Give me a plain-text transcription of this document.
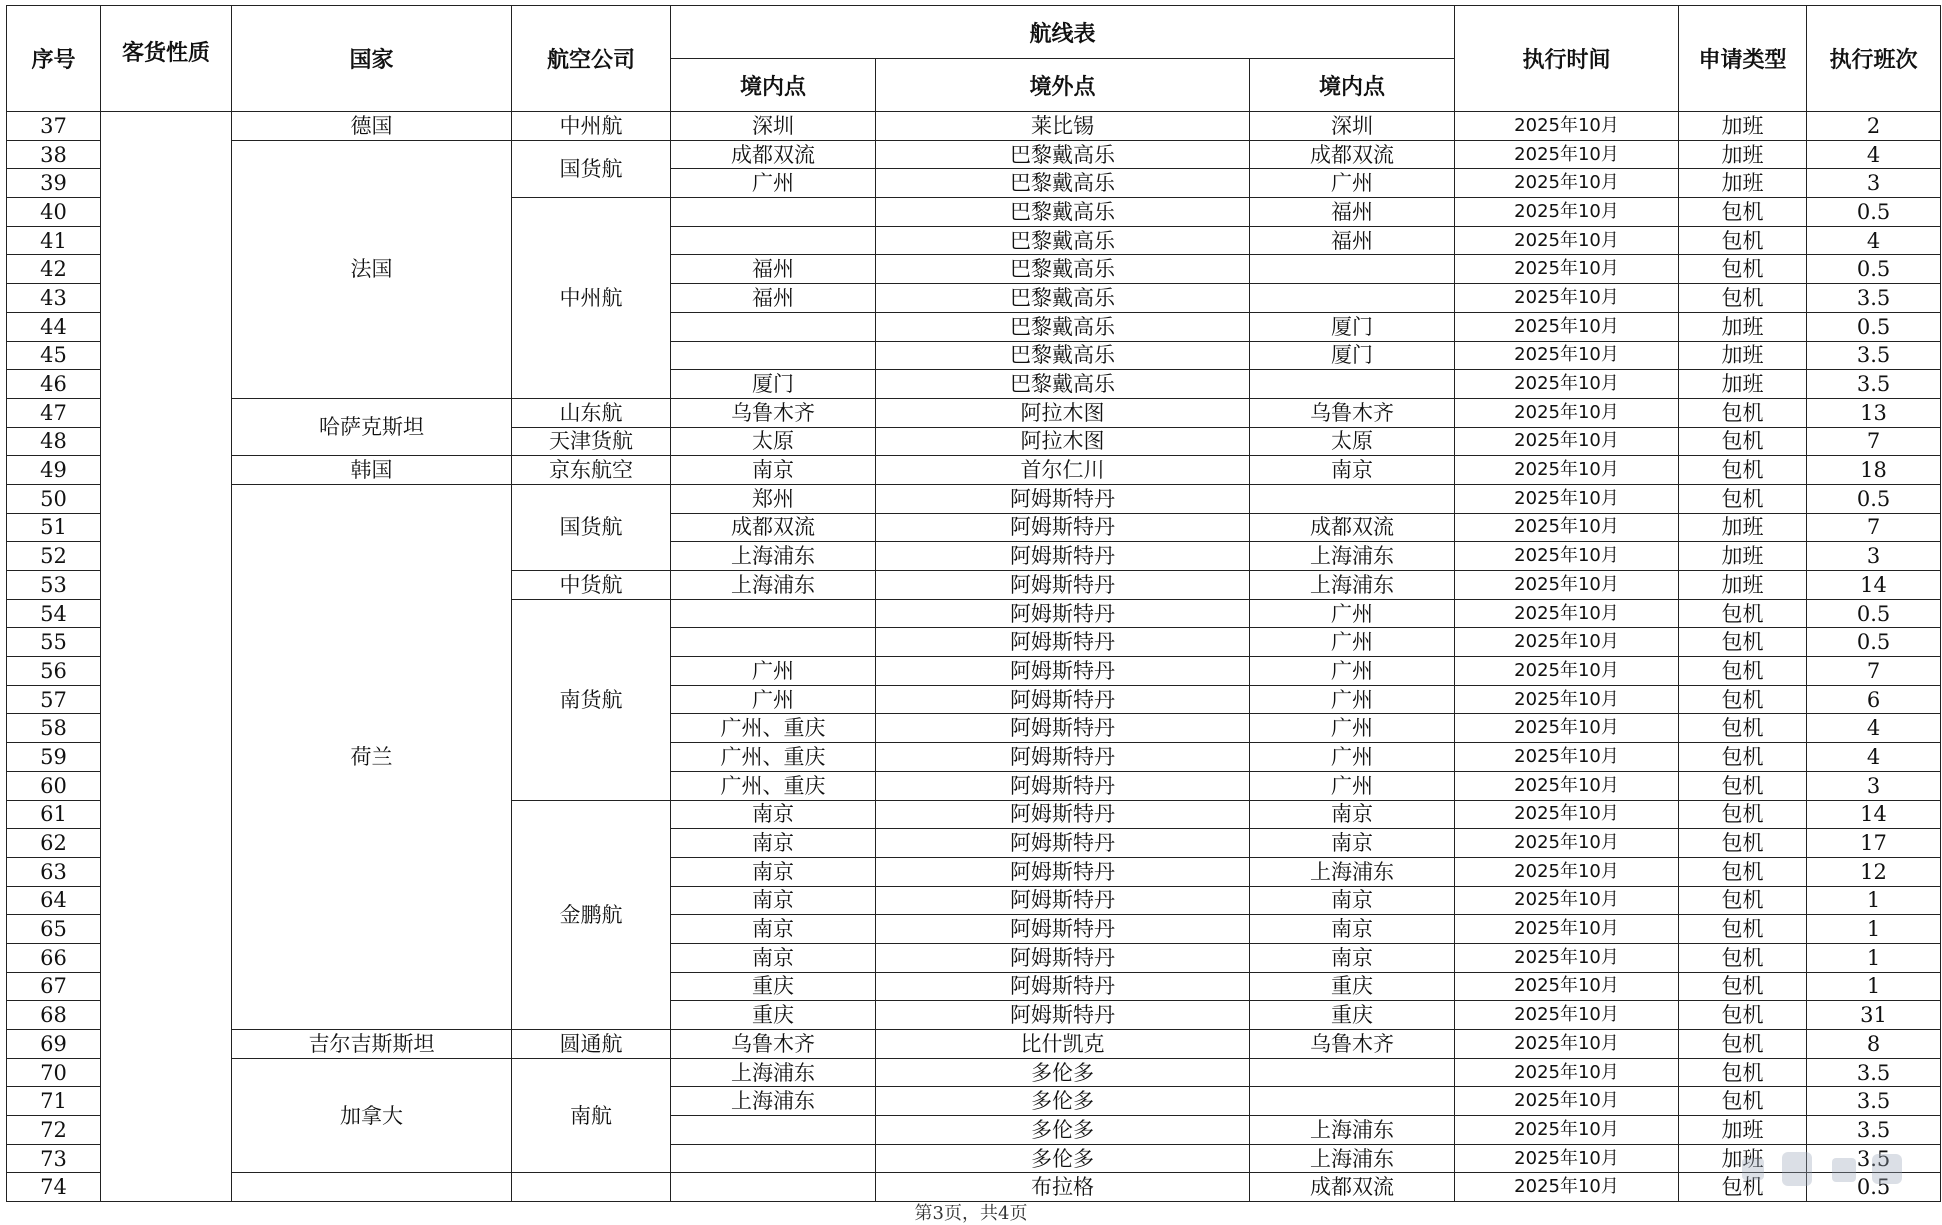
序号	客货性质	国家	航空公司	航线表			执行时间	申请类型	执行班次
				境内点	境外点	境内点			
37		德国	中州航	深圳	莱比锡	深圳	2025年10月	加班	2
38		法国	国货航	成都双流	巴黎戴高乐	成都双流	2025年10月	加班	4
39				广州	巴黎戴高乐	广州	2025年10月	加班	3
40			中州航		巴黎戴高乐	福州	2025年10月	包机	0.5
41					巴黎戴高乐	福州	2025年10月	包机	4
42				福州	巴黎戴高乐		2025年10月	包机	0.5
43				福州	巴黎戴高乐		2025年10月	包机	3.5
44					巴黎戴高乐	厦门	2025年10月	加班	0.5
45					巴黎戴高乐	厦门	2025年10月	加班	3.5
46				厦门	巴黎戴高乐		2025年10月	加班	3.5
47		哈萨克斯坦	山东航	乌鲁木齐	阿拉木图	乌鲁木齐	2025年10月	包机	13
48			天津货航	太原	阿拉木图	太原	2025年10月	包机	7
49		韩国	京东航空	南京	首尔仁川	南京	2025年10月	包机	18
50		荷兰	国货航	郑州	阿姆斯特丹		2025年10月	包机	0.5
51				成都双流	阿姆斯特丹	成都双流	2025年10月	加班	7
52				上海浦东	阿姆斯特丹	上海浦东	2025年10月	加班	3
53			中货航	上海浦东	阿姆斯特丹	上海浦东	2025年10月	加班	14
54			南货航		阿姆斯特丹	广州	2025年10月	包机	0.5
55					阿姆斯特丹	广州	2025年10月	包机	0.5
56				广州	阿姆斯特丹	广州	2025年10月	包机	7
57				广州	阿姆斯特丹	广州	2025年10月	包机	6
58				广州、重庆	阿姆斯特丹	广州	2025年10月	包机	4
59				广州、重庆	阿姆斯特丹	广州	2025年10月	包机	4
60				广州、重庆	阿姆斯特丹	广州	2025年10月	包机	3
61			金鹏航	南京	阿姆斯特丹	南京	2025年10月	包机	14
62				南京	阿姆斯特丹	南京	2025年10月	包机	17
63				南京	阿姆斯特丹	上海浦东	2025年10月	包机	12
64				南京	阿姆斯特丹	南京	2025年10月	包机	1
65				南京	阿姆斯特丹	南京	2025年10月	包机	1
66				南京	阿姆斯特丹	南京	2025年10月	包机	1
67				重庆	阿姆斯特丹	重庆	2025年10月	包机	1
68				重庆	阿姆斯特丹	重庆	2025年10月	包机	31
69		吉尔吉斯斯坦	圆通航	乌鲁木齐	比什凯克	乌鲁木齐	2025年10月	包机	8
70		加拿大	南航	上海浦东	多伦多		2025年10月	包机	3.5
71				上海浦东	多伦多		2025年10月	包机	3.5
72					多伦多	上海浦东	2025年10月	加班	3.5
73					多伦多	上海浦东	2025年10月	加班	3.5
74					布拉格	成都双流	2025年10月	包机	0.5
第3页，共4页
